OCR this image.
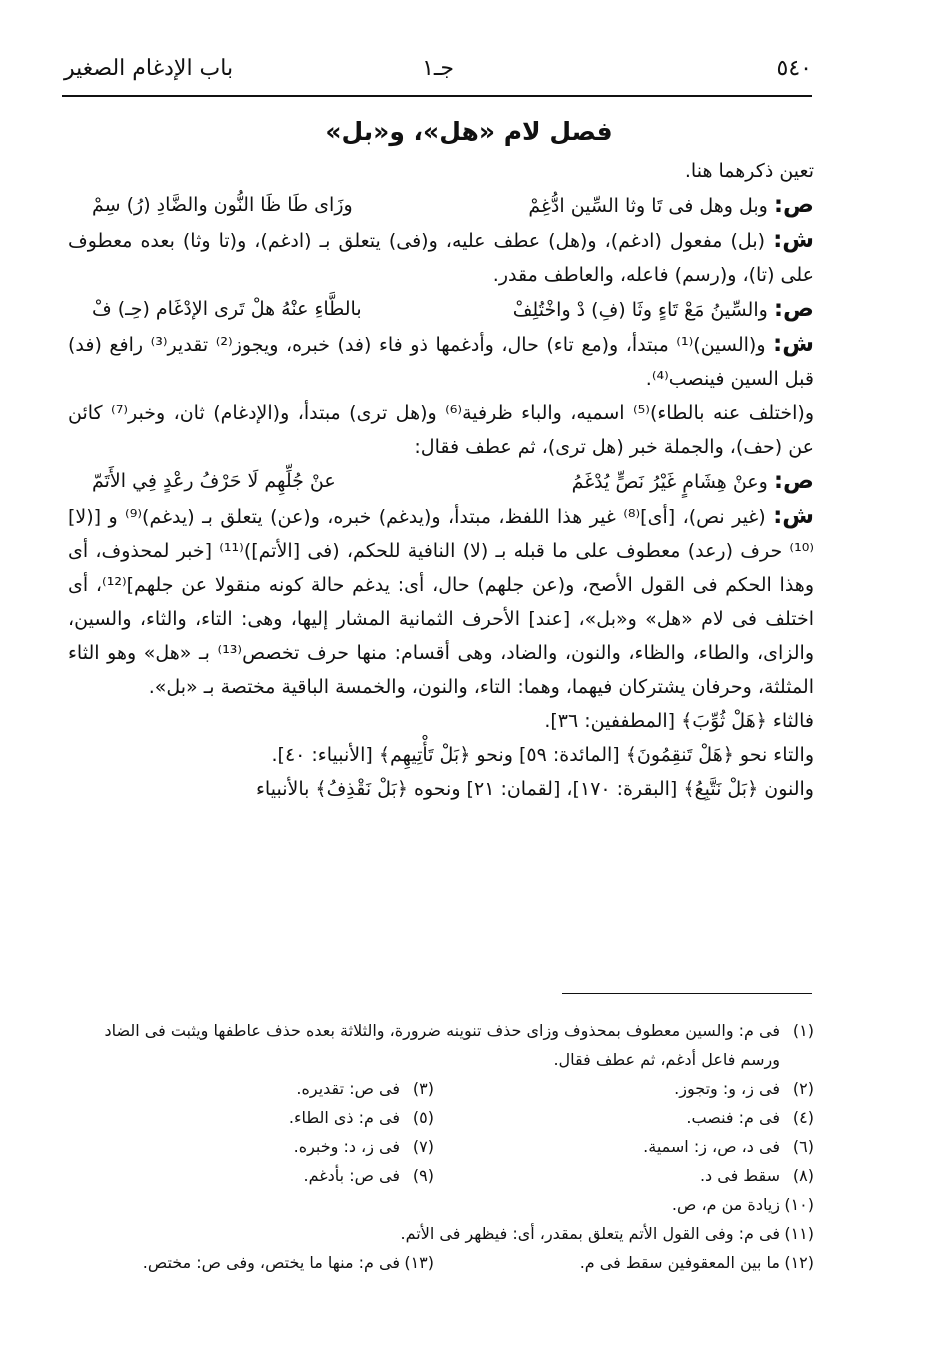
٥٤٠
جـ١
باب الإدغام الصغير
فصل لام «هل»، و«بل»

تعين ذكرهما هنا.

ص: وبل وهل فى تَا وثا السِّين ادُّغِمْ
وزَاى طَا ظَا النُّون والضَّادِ (رُ) سِمْ

ش: (بل) مفعول (ادغم)، و(هل) عطف عليه، و(فى) يتعلق بـ (ادغم)، و(تا وثا) بعده معطوف على (تا)، و(رسم) فاعله، والعاطف مقدر.

ص: والسِّينُ مَعْ تَاءٍ وثَا (فِ) دْ واخْتُلِفْ
بالطَّاءِ عنْهُ هلْ تَرى الإدْغَام (حِـ) فْ

ش: و(السين)⁽¹⁾ مبتدأ، و(مع تاء) حال، وأدغمها ذو فاء (فد) خبره، ويجوز⁽²⁾ تقدير⁽³⁾ رافع (فد) قبل السين فينصب⁽⁴⁾.

و(اختلف عنه بالطاء)⁽⁵⁾ اسميه، والباء ظرفية⁽⁶⁾ و(هل ترى) مبتدأ، و(الإدغام) ثان، وخبر⁽⁷⁾ كائن عن (حف)، والجملة خبر (هل ترى)، ثم عطف فقال:

ص: وعنْ هِشَامٍ غَيْرُ نَصٍّ يُدْغَمُ
عنْ جُلِّهِم لَا حَرْفُ رعْدٍ فِي الأَتَمّ

ش: (غير نص)، [أى]⁽⁸⁾ غير هذا اللفظ، مبتدأ، و(يدغم) خبره، و(عن) يتعلق بـ (يدغم)⁽⁹⁾ و [(لا]⁽¹⁰⁾ حرف (رعد) معطوف على ما قبله بـ (لا) النافية للحكم، (فى [الأتم])⁽¹¹⁾ [خبر لمحذوف، أى وهذا الحكم فى القول الأصح، و(عن جلهم) حال، أى: يدغم حالة كونه منقولا عن جلهم]⁽¹²⁾، أى اختلف فى لام «هل» و«بل»، [عند] الأحرف الثمانية المشار إليها، وهى: التاء، والثاء، والسين، والزاى، والطاء، والظاء، والنون، والضاد، وهى أقسام: منها حرف تخصص⁽¹³⁾ بـ «هل» وهو الثاء المثلثة، وحرفان يشتركان فيهما، وهما: التاء، والنون، والخمسة الباقية مختصة بـ «بل».

فالثاء ﴿هَلْ ثُوِّبَ﴾ [المطففين: ٣٦].

والتاء نحو ﴿هَلْ تَنقِمُونَ﴾ [المائدة: ٥٩] ونحو ﴿بَلْ تَأْتِيهِم﴾ [الأنبياء: ٤٠].

والنون ﴿بَلْ نَتَّبِعُ﴾ [البقرة: ١٧٠]، [لقمان: ٢١] ونحوه ﴿بَلْ نَقْذِفُ﴾ بالأنبياء

(١)
فى م: والسين معطوف بمحذوف وزاى حذف تنوينه ضرورة، والثلاثة بعده حذف عاطفها ويثبت فى الضاد ورسم فاعل أدغم، ثم عطف فقال.
(٢)
فى ز، و: وتجوز.
(٣)
فى ص: تقديره.
(٤)
فى م: فنصب.
(٥)
فى م: ذى الطاء.
(٦)
فى د، ص، ز: اسمية.
(٧)
فى ز، د: وخبره.
(٨)
سقط فى د.
(٩)
فى ص: بأدغم.
(١٠)
زيادة من م، ص.
(١١)
فى م: وفى القول الأتم يتعلق بمقدر، أى: فيظهر فى الأتم.
(١٢)
ما بين المعقوفين سقط فى م.
(١٣)
فى م: منها ما يختص، وفى ص: مختص.
